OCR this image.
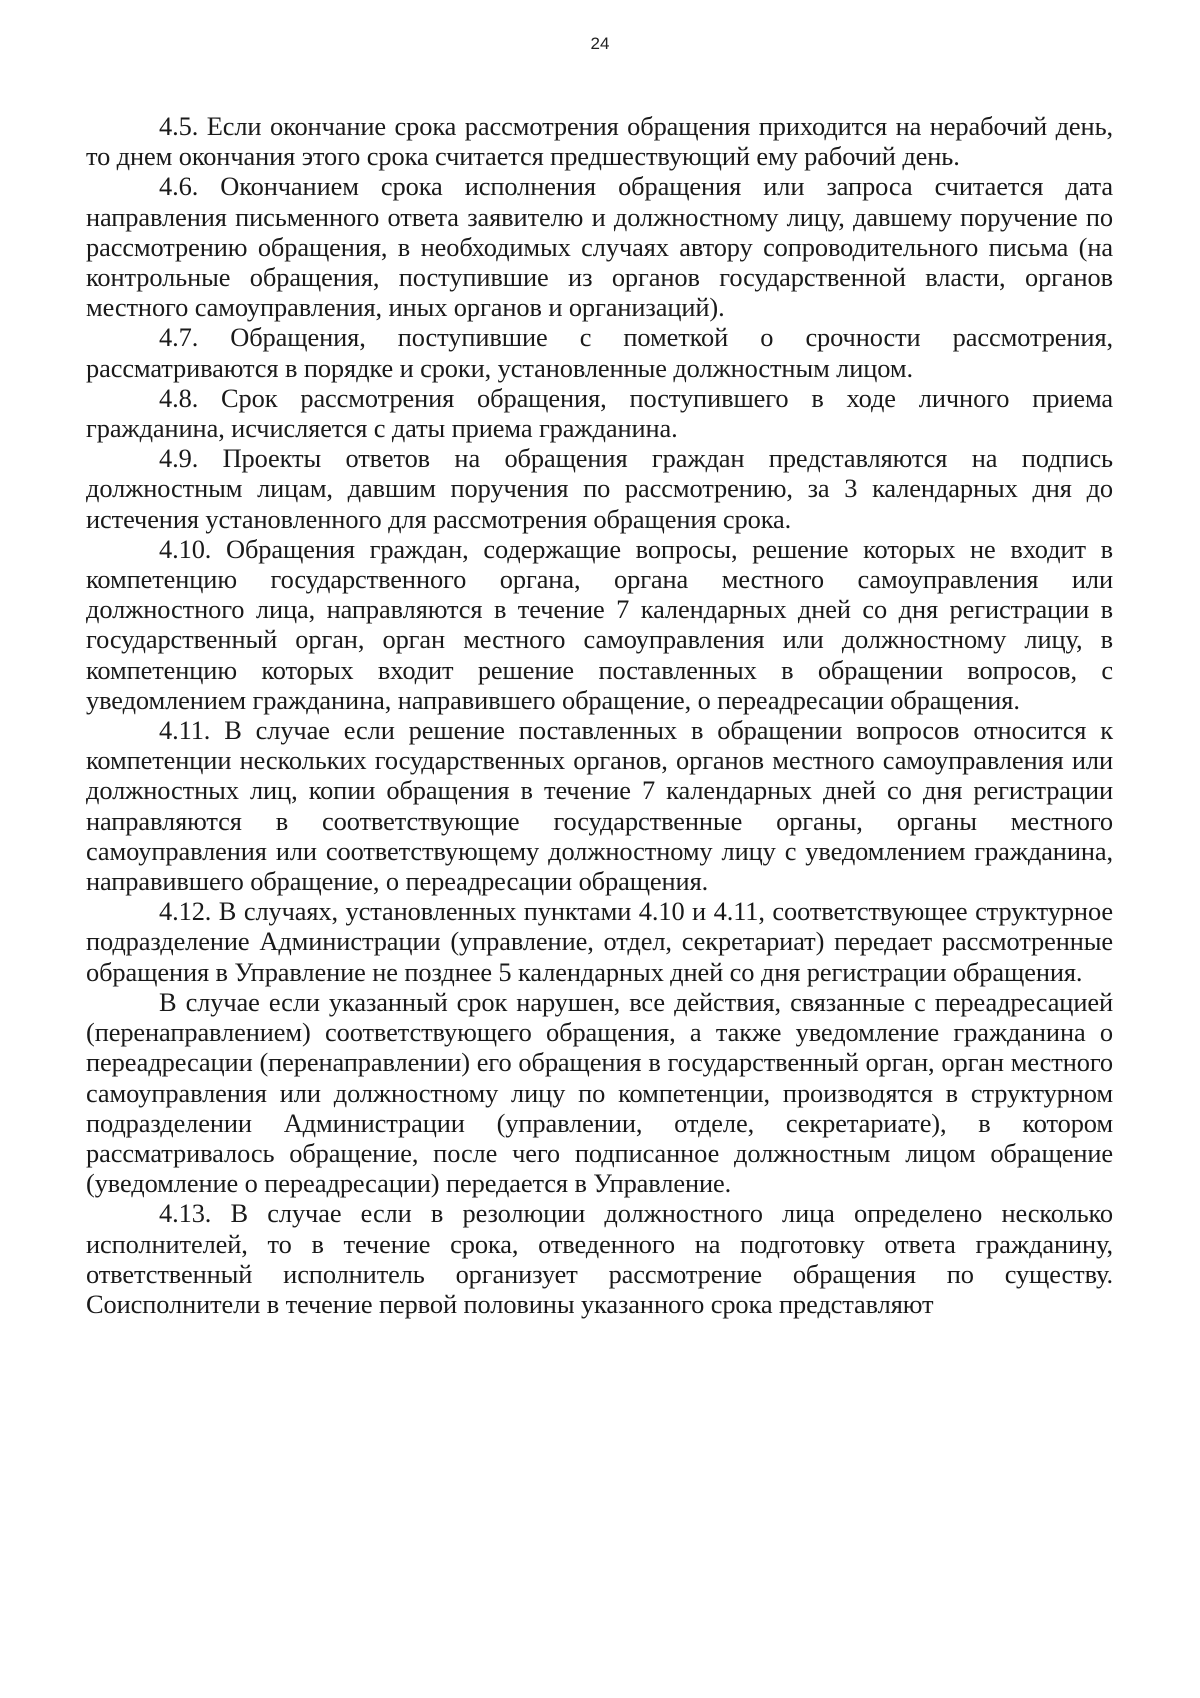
24

4.5. Если окончание срока рассмотрения обращения приходится на нерабочий день, то днем окончания этого срока считается предшествующий ему рабочий день.

4.6. Окончанием срока исполнения обращения или запроса считается дата направления письменного ответа заявителю и должностному лицу, давшему поручение по рассмотрению обращения, в необходимых случаях автору сопроводительного письма (на контрольные обращения, поступившие из органов государственной власти, органов местного самоуправления, иных органов и организаций).

4.7. Обращения, поступившие с пометкой о срочности рассмотрения, рассматриваются в порядке и сроки, установленные должностным лицом.

4.8. Срок рассмотрения обращения, поступившего в ходе личного приема гражданина, исчисляется с даты приема гражданина.

4.9. Проекты ответов на обращения граждан представляются на подпись должностным лицам, давшим поручения по рассмотрению, за 3 календарных дня до истечения установленного для рассмотрения обращения срока.

4.10. Обращения граждан, содержащие вопросы, решение которых не входит в компетенцию государственного органа, органа местного самоуправления или должностного лица, направляются в течение 7 календарных дней со дня регистрации в государственный орган, орган местного самоуправления или должностному лицу, в компетенцию которых входит решение поставленных в обращении вопросов, с уведомлением гражданина, направившего обращение, о переадресации обращения.

4.11. В случае если решение поставленных в обращении вопросов относится к компетенции нескольких государственных органов, органов местного самоуправления или должностных лиц, копии обращения в течение 7 календарных дней со дня регистрации направляются в соответствующие государственные органы, органы местного самоуправления или соответствующему должностному лицу с уведомлением гражданина, направившего обращение, о переадресации обращения.

4.12. В случаях, установленных пунктами 4.10 и 4.11, соответствующее структурное подразделение Администрации (управление, отдел, секретариат) передает рассмотренные обращения в Управление не позднее 5 календарных дней со дня регистрации обращения.

В случае если указанный срок нарушен, все действия, связанные с переадресацией (перенаправлением) соответствующего обращения, а также уведомление гражданина о переадресации (перенаправлении) его обращения в государственный орган, орган местного самоуправления или должностному лицу по компетенции, производятся в структурном подразделении Администрации (управлении, отделе, секретариате), в котором рассматривалось обращение, после чего подписанное должностным лицом обращение (уведомление о переадресации) передается в Управление.

4.13. В случае если в резолюции должностного лица определено несколько исполнителей, то в течение срока, отведенного на подготовку ответа гражданину, ответственный исполнитель организует рассмотрение обращения по существу. Соисполнители в течение первой половины указанного срока представляют
